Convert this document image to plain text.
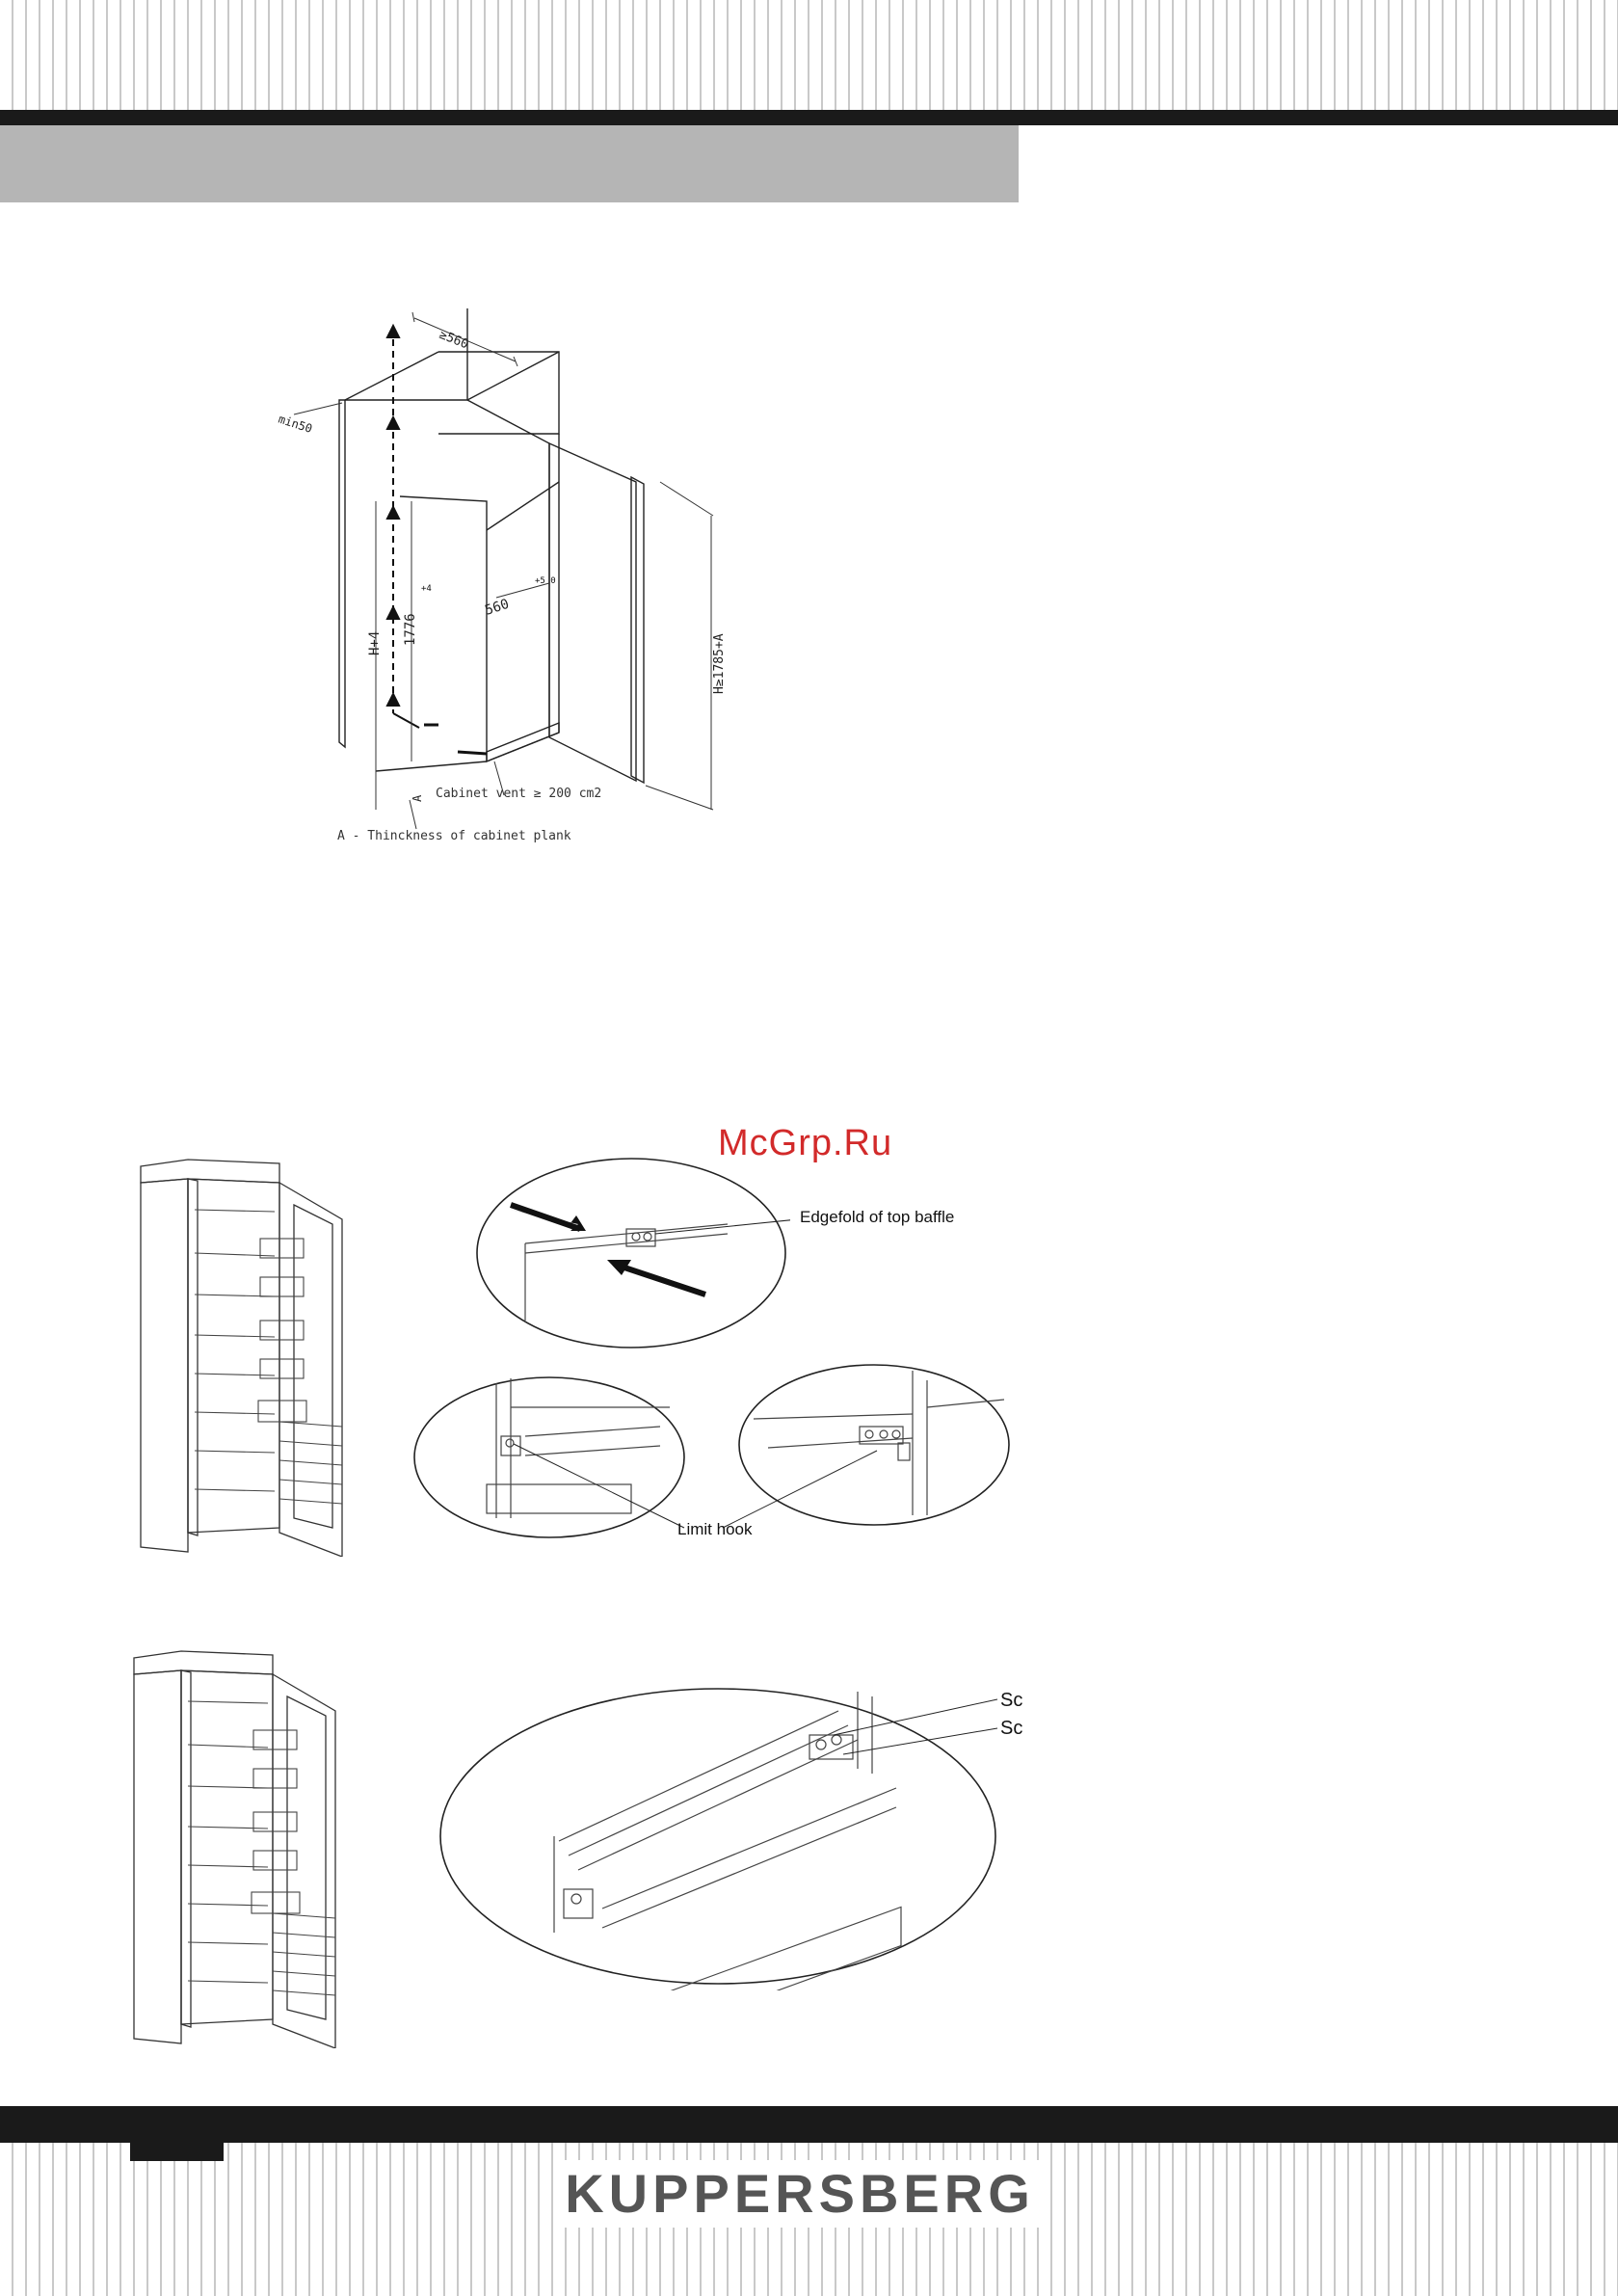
≥560
min50
560
1776
H+4	H≥1785+A
A
+5 0
+4
Cabinet vent ≥ 200 cm2
A - Thinckness of cabinet plank
McGrp.Ru
Edgefold of top baffle
Limit hook
Sc
Sc
KUPPERSBERG
